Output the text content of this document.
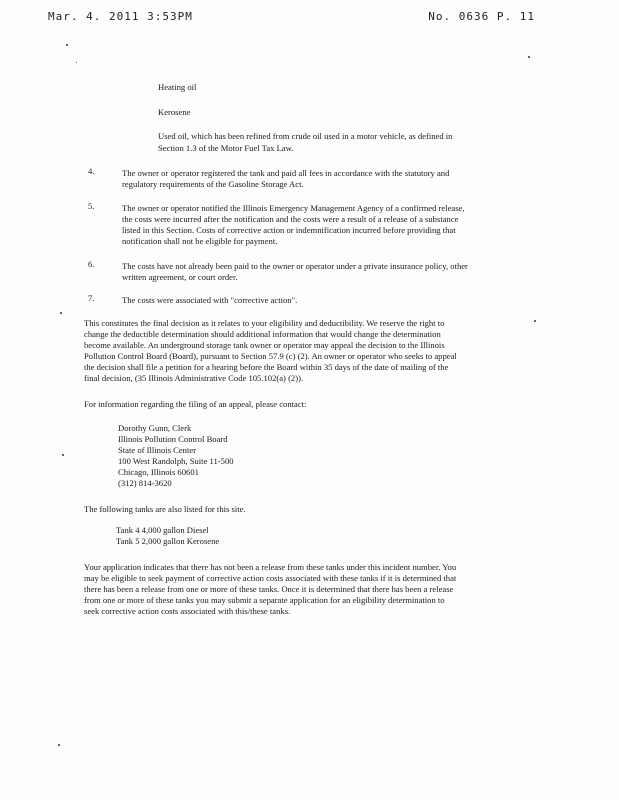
Mar. 4. 2011 3:53PM	No. 0636 P. 11
Heating oil
Kerosene
Used oil, which has been refined from crude oil used in a motor vehicle, as defined in
Section 1.3 of the Motor Fuel Tax Law.
4.	The owner or operator registered the tank and paid all fees in accordance with the statutory and
regulatory requirements of the Gasoline Storage Act.
5.	The owner or operator notified the Illinois Emergency Management Agency of a confirmed release,
the costs were incurred after the notification and the costs were a result of a release of a substance
listed in this Section. Costs of corrective action or indemnification incurred before providing that
notification shall not be eligible for payment.
6.	The costs have not already been paid to the owner or operator under a private insurance policy, other
written agreement, or court order.
7.	The costs were associated with "corrective action".
This constitutes the final decision as it relates to your eligibility and deductibility. We reserve the right to
change the deductible determination should additional information that would change the determination
become available. An underground storage tank owner or operator may appeal the decision to the Illinois
Pollution Control Board (Board), pursuant to Section 57.9 (c) (2). An owner or operator who seeks to appeal
the decision shall file a petition for a hearing before the Board within 35 days of the date of mailing of the
final decision, (35 Illinois Administrative Code 105.102(a) (2)).
For information regarding the filing of an appeal, please contact:
Dorothy Gunn, Clerk
Illinois Pollution Control Board
State of Illinois Center
100 West Randolph, Suite 11-500
Chicago, Illinois 60601
(312) 814-3620
The following tanks are also listed for this site.
Tank 4 4,000 gallon Diesel
Tank 5 2,000 gallon Kerosene
Your application indicates that there has not been a release from these tanks under this incident number. You
may be eligible to seek payment of corrective action costs associated with these tanks if it is determined that
there has been a release from one or more of these tanks. Once it is determined that there has been a release
from one or more of these tanks you may submit a separate application for an eligibility determination to
seek corrective action costs associated with this/these tanks.
